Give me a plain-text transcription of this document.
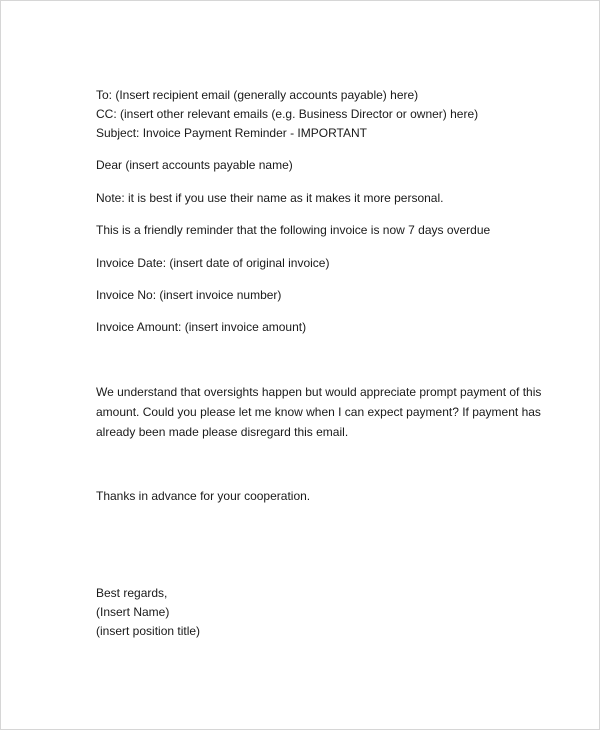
To: (Insert recipient email (generally accounts payable) here)
CC: (insert other relevant emails (e.g. Business Director or owner) here)
Subject: Invoice Payment Reminder - IMPORTANT
Dear (insert accounts payable name)
Note: it is best if you use their name as it makes it more personal.
This is a friendly reminder that the following invoice is now 7 days overdue
Invoice Date: (insert date of original invoice)
Invoice No: (insert invoice number)
Invoice Amount: (insert invoice amount)
We understand that oversights happen but would appreciate prompt payment of this
amount. Could you please let me know when I can expect payment? If payment has
already been made please disregard this email.
Thanks in advance for your cooperation.
Best regards,
(Insert Name)
(insert position title)
